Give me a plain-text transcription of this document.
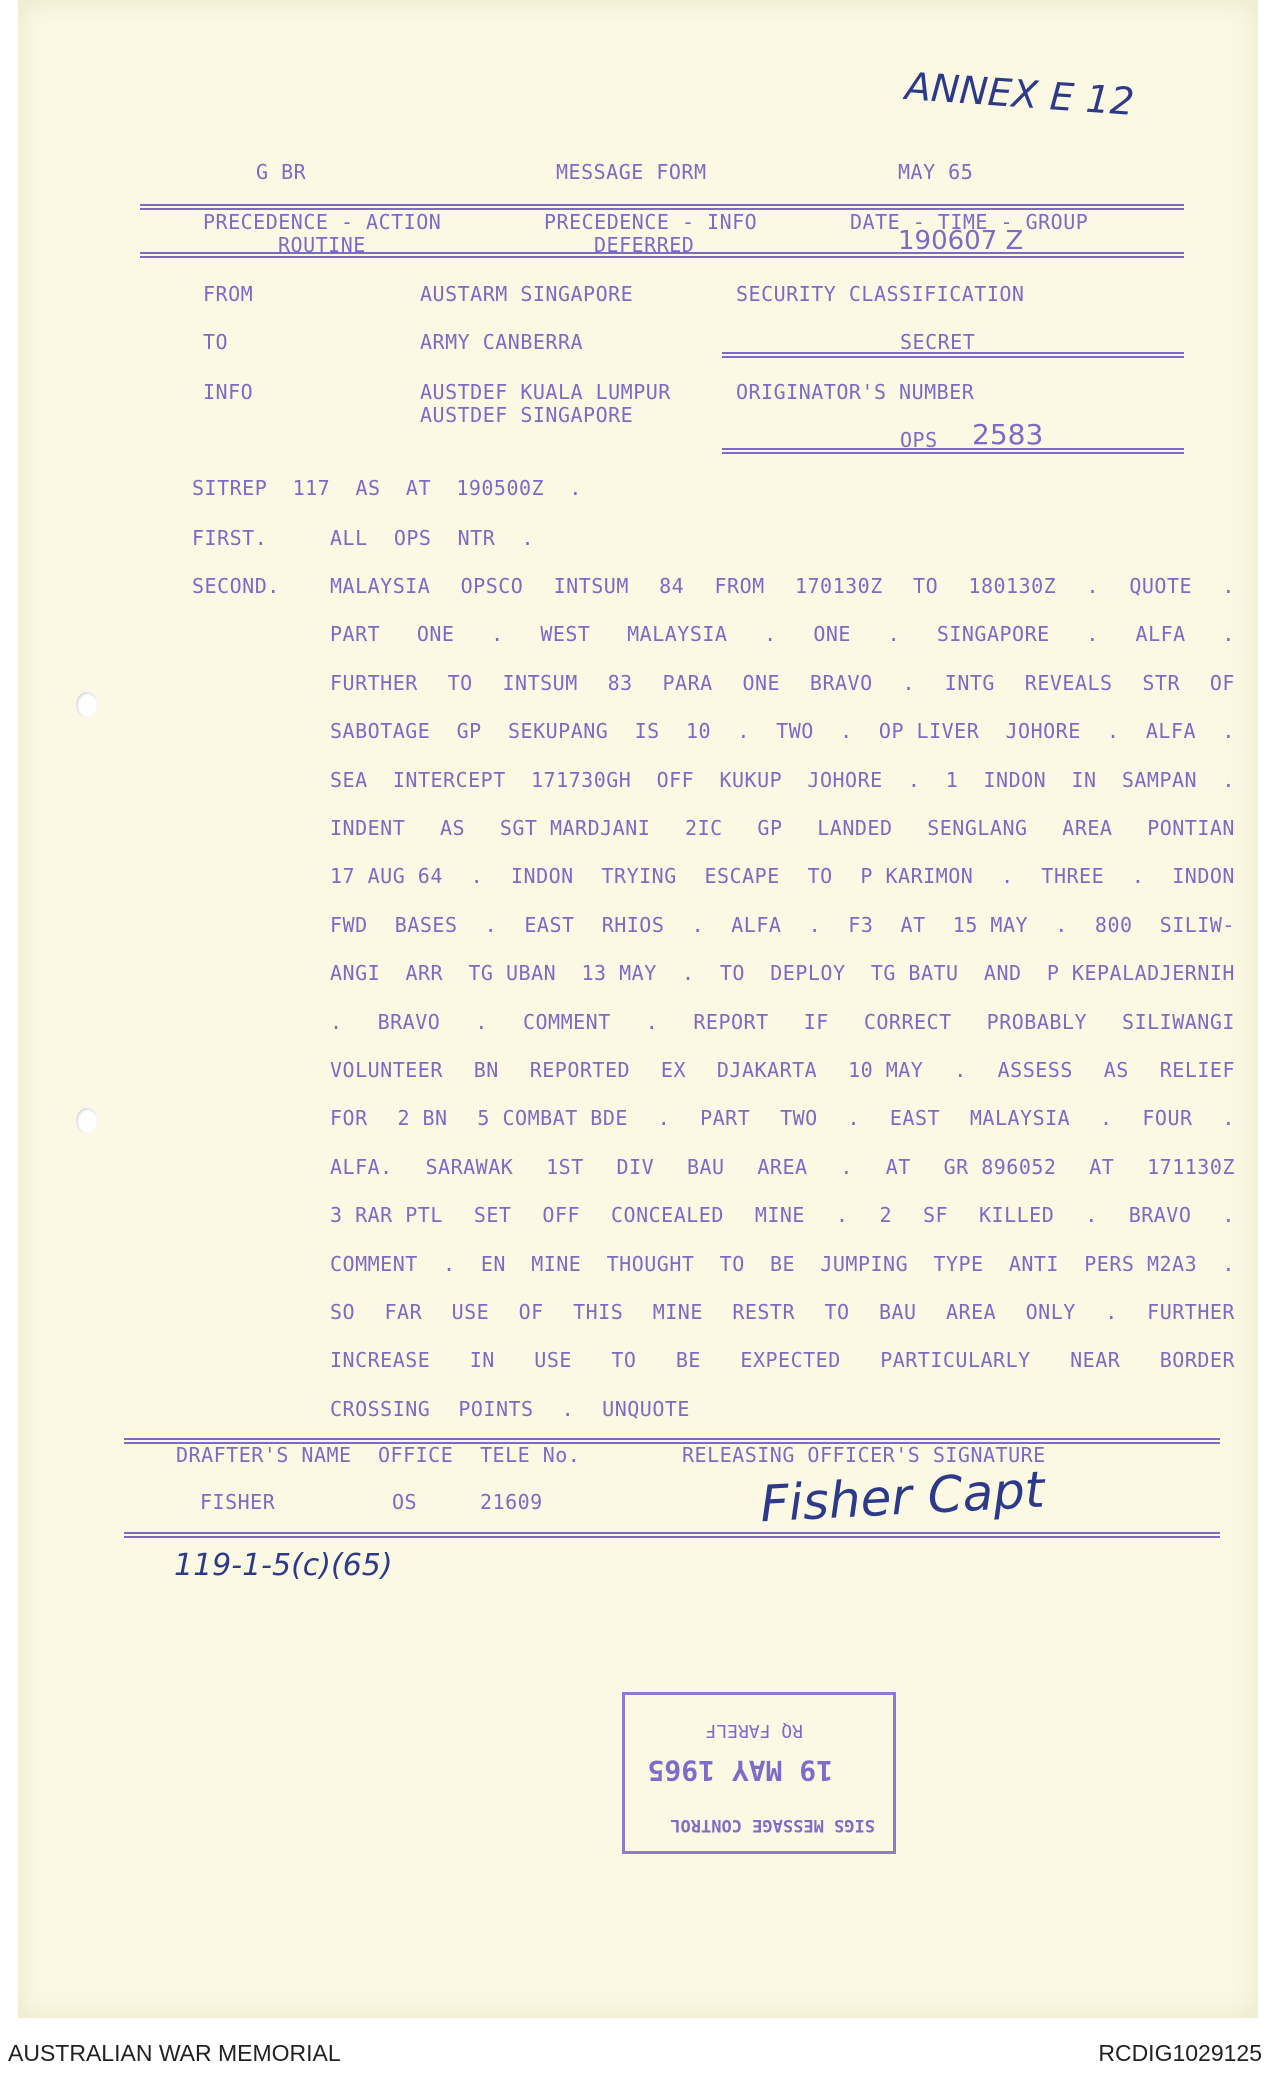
ANNEX E 12
G BR	MESSAGE FORM	MAY 65
PRECEDENCE - ACTION
ROUTINE
PRECEDENCE - INFO
DEFERRED
DATE - TIME - GROUP
190607 Z
FROM	AUSTARM SINGAPORE	SECURITY CLASSIFICATION
TO	ARMY CANBERRA	SECRET
INFO	AUSTDEF KUALA LUMPUR
AUSTDEF SINGAPORE
ORIGINATOR'S NUMBER
OPS 2583
SITREP 117 AS AT 190500Z .
FIRST.	ALL OPS NTR .
SECOND.	MALAYSIA OPSCO INTSUM 84 FROM 170130Z TO 180130Z . QUOTE .
PART ONE . WEST MALAYSIA . ONE . SINGAPORE . ALFA .
FURTHER TO INTSUM 83 PARA ONE BRAVO . INTG REVEALS STR OF
SABOTAGE GP SEKUPANG IS 10 . TWO . OP LIVER JOHORE . ALFA .
SEA INTERCEPT 171730GH OFF KUKUP JOHORE . 1 INDON IN SAMPAN .
INDENT AS SGT MARDJANI 2IC GP LANDED SENGLANG AREA PONTIAN
17 AUG 64 . INDON TRYING ESCAPE TO P KARIMON . THREE . INDON
FWD BASES . EAST RHIOS . ALFA . F3 AT 15 MAY . 800 SILIW-
ANGI ARR TG UBAN 13 MAY . TO DEPLOY TG BATU AND P KEPALADJERNIH
. BRAVO . COMMENT . REPORT IF CORRECT PROBABLY SILIWANGI
VOLUNTEER BN REPORTED EX DJAKARTA 10 MAY . ASSESS AS RELIEF
FOR 2 BN 5 COMBAT BDE . PART TWO . EAST MALAYSIA . FOUR .
ALFA. SARAWAK 1ST DIV BAU AREA . AT GR 896052 AT 171130Z
3 RAR PTL SET OFF CONCEALED MINE . 2 SF KILLED . BRAVO .
COMMENT . EN MINE THOUGHT TO BE JUMPING TYPE ANTI PERS M2A3 .
SO FAR USE OF THIS MINE RESTR TO BAU AREA ONLY . FURTHER
INCREASE IN USE TO BE EXPECTED PARTICULARLY NEAR BORDER
CROSSING POINTS . UNQUOTE
DRAFTER'S NAME OFFICE TELE No.	RELEASING OFFICER'S SIGNATURE
FISHER	OS	21609	Fisher Capt
119-1-5(c)(65)
SIGS MESSAGE CONTROL
19 MAY 1965
RQ FARELF
AUSTRALIAN WAR MEMORIAL	RCDIG1029125
